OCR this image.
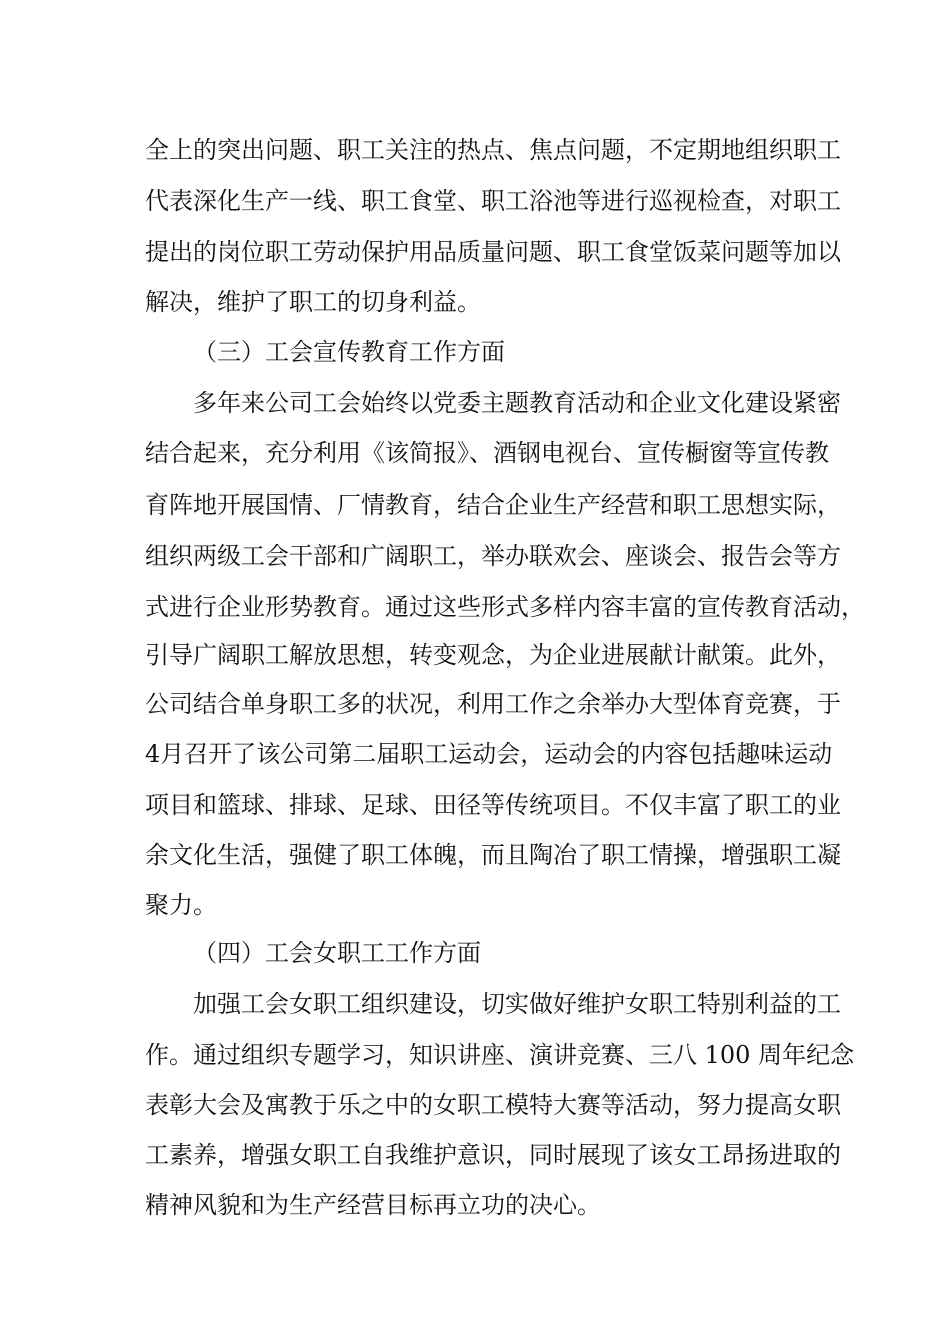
全上的突出问题、职工关注的热点、焦点问题，不定期地组织职工
代表深化生产一线、职工食堂、职工浴池等进行巡视检查，对职工
提出的岗位职工劳动保护用品质量问题、职工食堂饭菜问题等加以
解决，维护了职工的切身利益。
（三）工会宣传教育工作方面
多年来公司工会始终以党委主题教育活动和企业文化建设紧密
结合起来，充分利用《该简报》、酒钢电视台、宣传橱窗等宣传教
育阵地开展国情、厂情教育，结合企业生产经营和职工思想实际，
组织两级工会干部和广阔职工，举办联欢会、座谈会、报告会等方
式进行企业形势教育。通过这些形式多样内容丰富的宣传教育活动，
引导广阔职工解放思想，转变观念，为企业进展献计献策。此外，
公司结合单身职工多的状况，利用工作之余举办大型体育竞赛，于
4月召开了该公司第二届职工运动会，运动会的内容包括趣味运动
项目和篮球、排球、足球、田径等传统项目。不仅丰富了职工的业
余文化生活，强健了职工体魄，而且陶冶了职工情操，增强职工凝
聚力。
（四）工会女职工工作方面
加强工会女职工组织建设，切实做好维护女职工特别利益的工
作。通过组织专题学习，知识讲座、演讲竞赛、三八 100 周年纪念
表彰大会及寓教于乐之中的女职工模特大赛等活动，努力提高女职
工素养，增强女职工自我维护意识，同时展现了该女工昂扬进取的
精神风貌和为生产经营目标再立功的决心。
